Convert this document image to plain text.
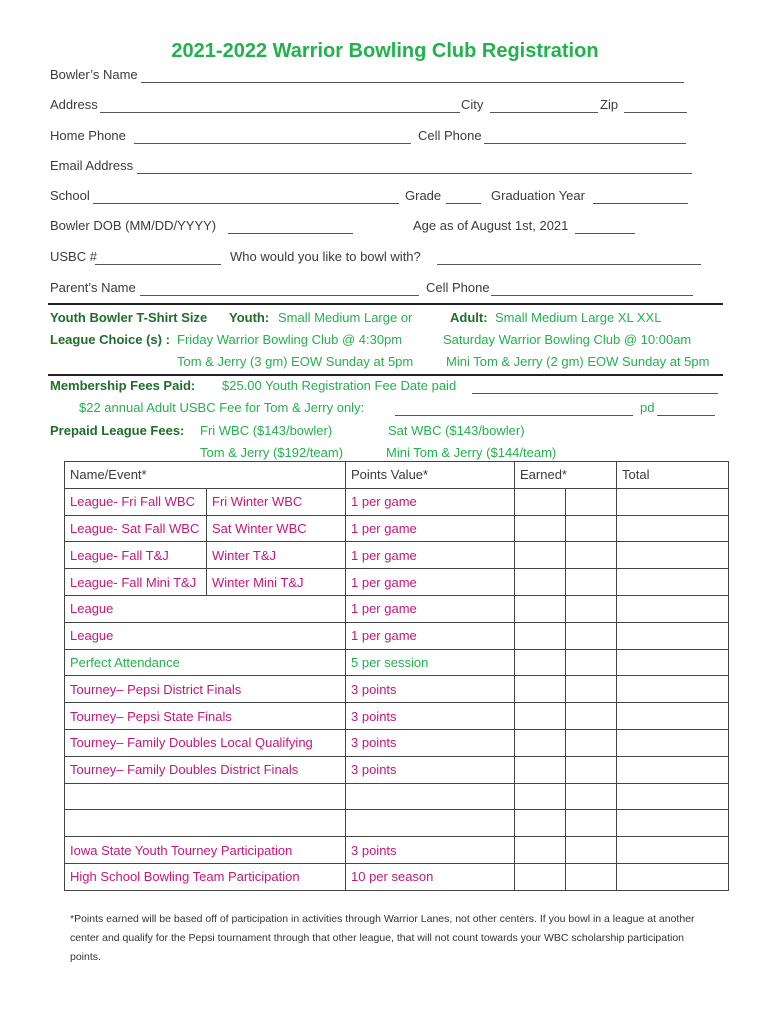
2021-2022 Warrior Bowling Club Registration
Bowler’s Name
Address	City	Zip
Home Phone	Cell Phone
Email Address
School	Grade	Graduation Year
Bowler DOB (MM/DD/YYYY)	Age as of August 1st, 2021
USBC #	Who would you like to bowl with?
Parent’s Name	Cell Phone
Youth Bowler T-Shirt Size Youth: Small Medium Large or	Adult: Small Medium Large XL XXL
League Choice (s) : Friday Warrior Bowling Club @ 4:30pm	Saturday Warrior Bowling Club @ 10:00am
Tom & Jerry (3 gm) EOW Sunday at 5pm	Mini Tom & Jerry (2 gm) EOW Sunday at 5pm
Membership Fees Paid: $25.00 Youth Registration Fee Date paid
$22 annual Adult USBC Fee for Tom & Jerry only:	pd
Prepaid League Fees: Fri WBC ($143/bowler)	Sat WBC ($143/bowler)
Tom & Jerry ($192/team)	Mini Tom & Jerry ($144/team)
Name/Event*		Points Value*	Earned*		Total
League- Fri Fall WBC	Fri Winter WBC	1 per game			
League- Sat Fall WBC	Sat Winter WBC	1 per game			
League- Fall T&J	Winter T&J	1 per game			
League- Fall Mini T&J	Winter Mini T&J	1 per game			
League		1 per game			
League		1 per game			
Perfect Attendance		5 per session			
Tourney– Pepsi District Finals		3 points			
Tourney– Pepsi State Finals		3 points			
Tourney– Family Doubles Local Qualifying		3 points			
Tourney– Family Doubles District Finals		3 points			

Iowa State Youth Tourney Participation		3 points			
High School Bowling Team Participation		10 per season			
*Points earned will be based off of participation in activities through Warrior Lanes, not other centers. If you bowl in a league at another center and qualify for the Pepsi tournament through that other league, that will not count towards your WBC scholarship participation points.
